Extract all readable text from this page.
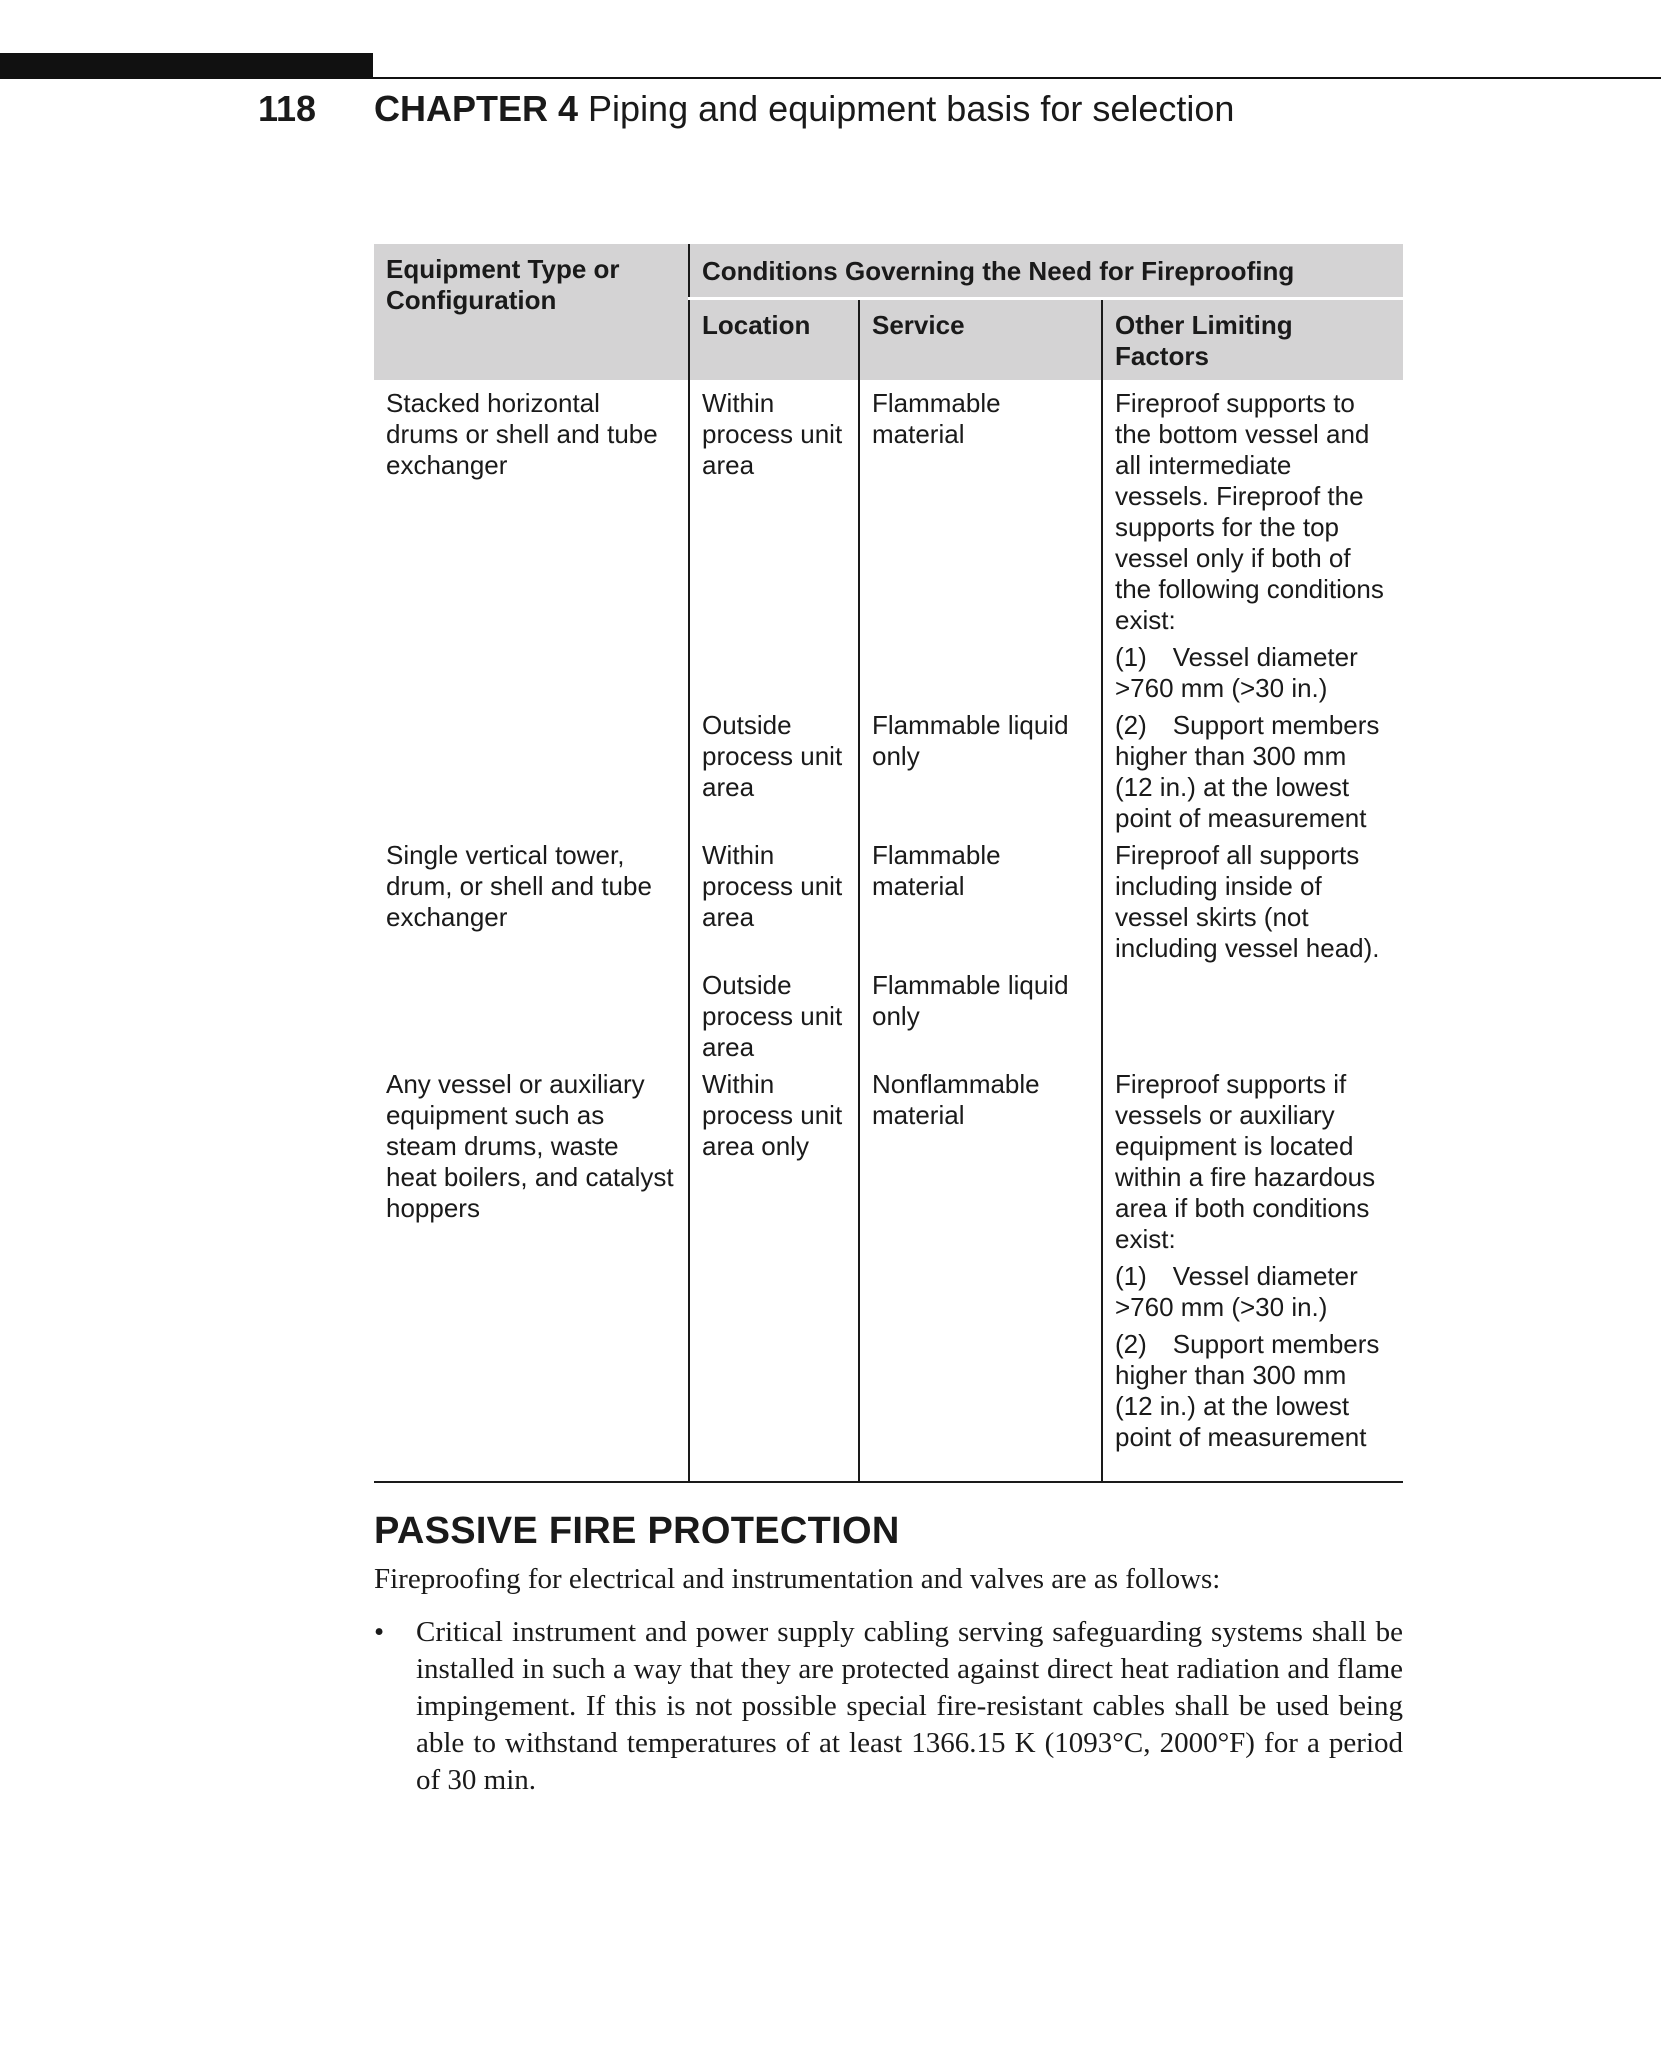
118 CHAPTER 4 Piping and equipment basis for selection
Equipment Type or Configuration	Conditions Governing the Need for Fireproofing		
	Location	Service	Other Limiting Factors
Stacked horizontal drums or shell and tube exchanger	Within process unit area	Flammable material	Fireproof supports to the bottom vessel and all intermediate vessels. Fireproof the supports for the top vessel only if both of the following conditions exist:
(1) Vessel diameter >760 mm (>30 in.)

	Outside process unit area	Flammable liquid only	(2) Support members higher than 300 mm (12 in.) at the lowest point of measurement
Single vertical tower, drum, or shell and tube exchanger	Within process unit area	Flammable material	Fireproof all supports including inside of vessel skirts (not including vessel head).
	Outside process unit area	Flammable liquid only	
Any vessel or auxiliary equipment such as steam drums, waste heat boilers, and catalyst hoppers	Within process unit area only	Nonflammable material	Fireproof supports if vessels or auxiliary equipment is located within a fire hazardous area if both conditions exist:
(1) Vessel diameter >760 mm (>30 in.)
(2) Support members higher than 300 mm (12 in.) at the lowest point of measurement
PASSIVE FIRE PROTECTION

Fireproofing for electrical and instrumentation and valves are as follows:

•	Critical instrument and power supply cabling serving safeguarding systems shall be installed in such a way that they are protected against direct heat radiation and flame impingement. If this is not possible special fire-resistant cables shall be used being able to withstand temperatures of at least 1366.15 K (1093°C, 2000°F) for a period of 30 min.
